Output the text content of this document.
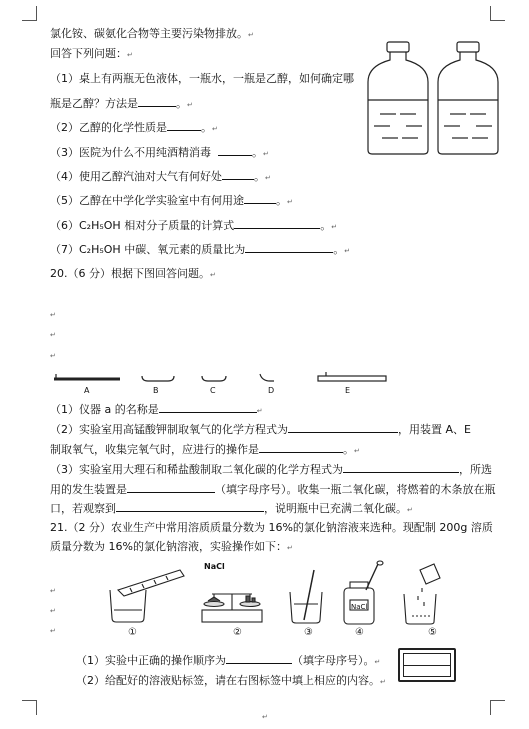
氯化铵、碳氨化合物等主要污染物排放。↵
回答下列问题：↵
（1）桌上有两瓶无色液体，一瓶水，一瓶是乙醇，如何确定哪
瓶是乙醇？方法是	。↵
（2）乙醇的化学性质是	。↵
（3）医院为什么不用纯酒精消毒	。↵
（4）使用乙醇汽油对大气有何好处	。↵
（5）乙醇在中学化学实验室中有何用途	。↵
（6）C₂H₅OH 相对分子质量的计算式	。↵
（7）C₂H₅OH 中碳、氧元素的质量比为	。↵
20.（6 分）根据下图回答问题。↵
↵
↵
↵
（1）仪器 a 的名称是	↵
（2）实验室用高锰酸钾制取氧气的化学方程式为	，用装置 A、E
制取氧气，收集完氧气时，应进行的操作是	。↵
（3）实验室用大理石和稀盐酸制取二氧化碳的化学方程式为	，所选
用的发生装置是	（填字母序号）。收集一瓶二氧化碳，将燃着的木条放在瓶
口，若观察到	，说明瓶中已充满二氧化碳。↵
21.（2 分）农业生产中常用溶质质量分数为 16%的氯化钠溶液来选种。现配制 200g 溶质
质量分数为 16%的氯化钠溶液，实验操作如下：↵
↵
↵
↵
（1）实验中正确的操作顺序为	（填字母序号）。↵
（2）给配好的溶液贴标签，请在右图标签中填上相应的内容。↵
A	B	C	D	E
NaCl
NaCl
①	②	③	④	⑤
↵
